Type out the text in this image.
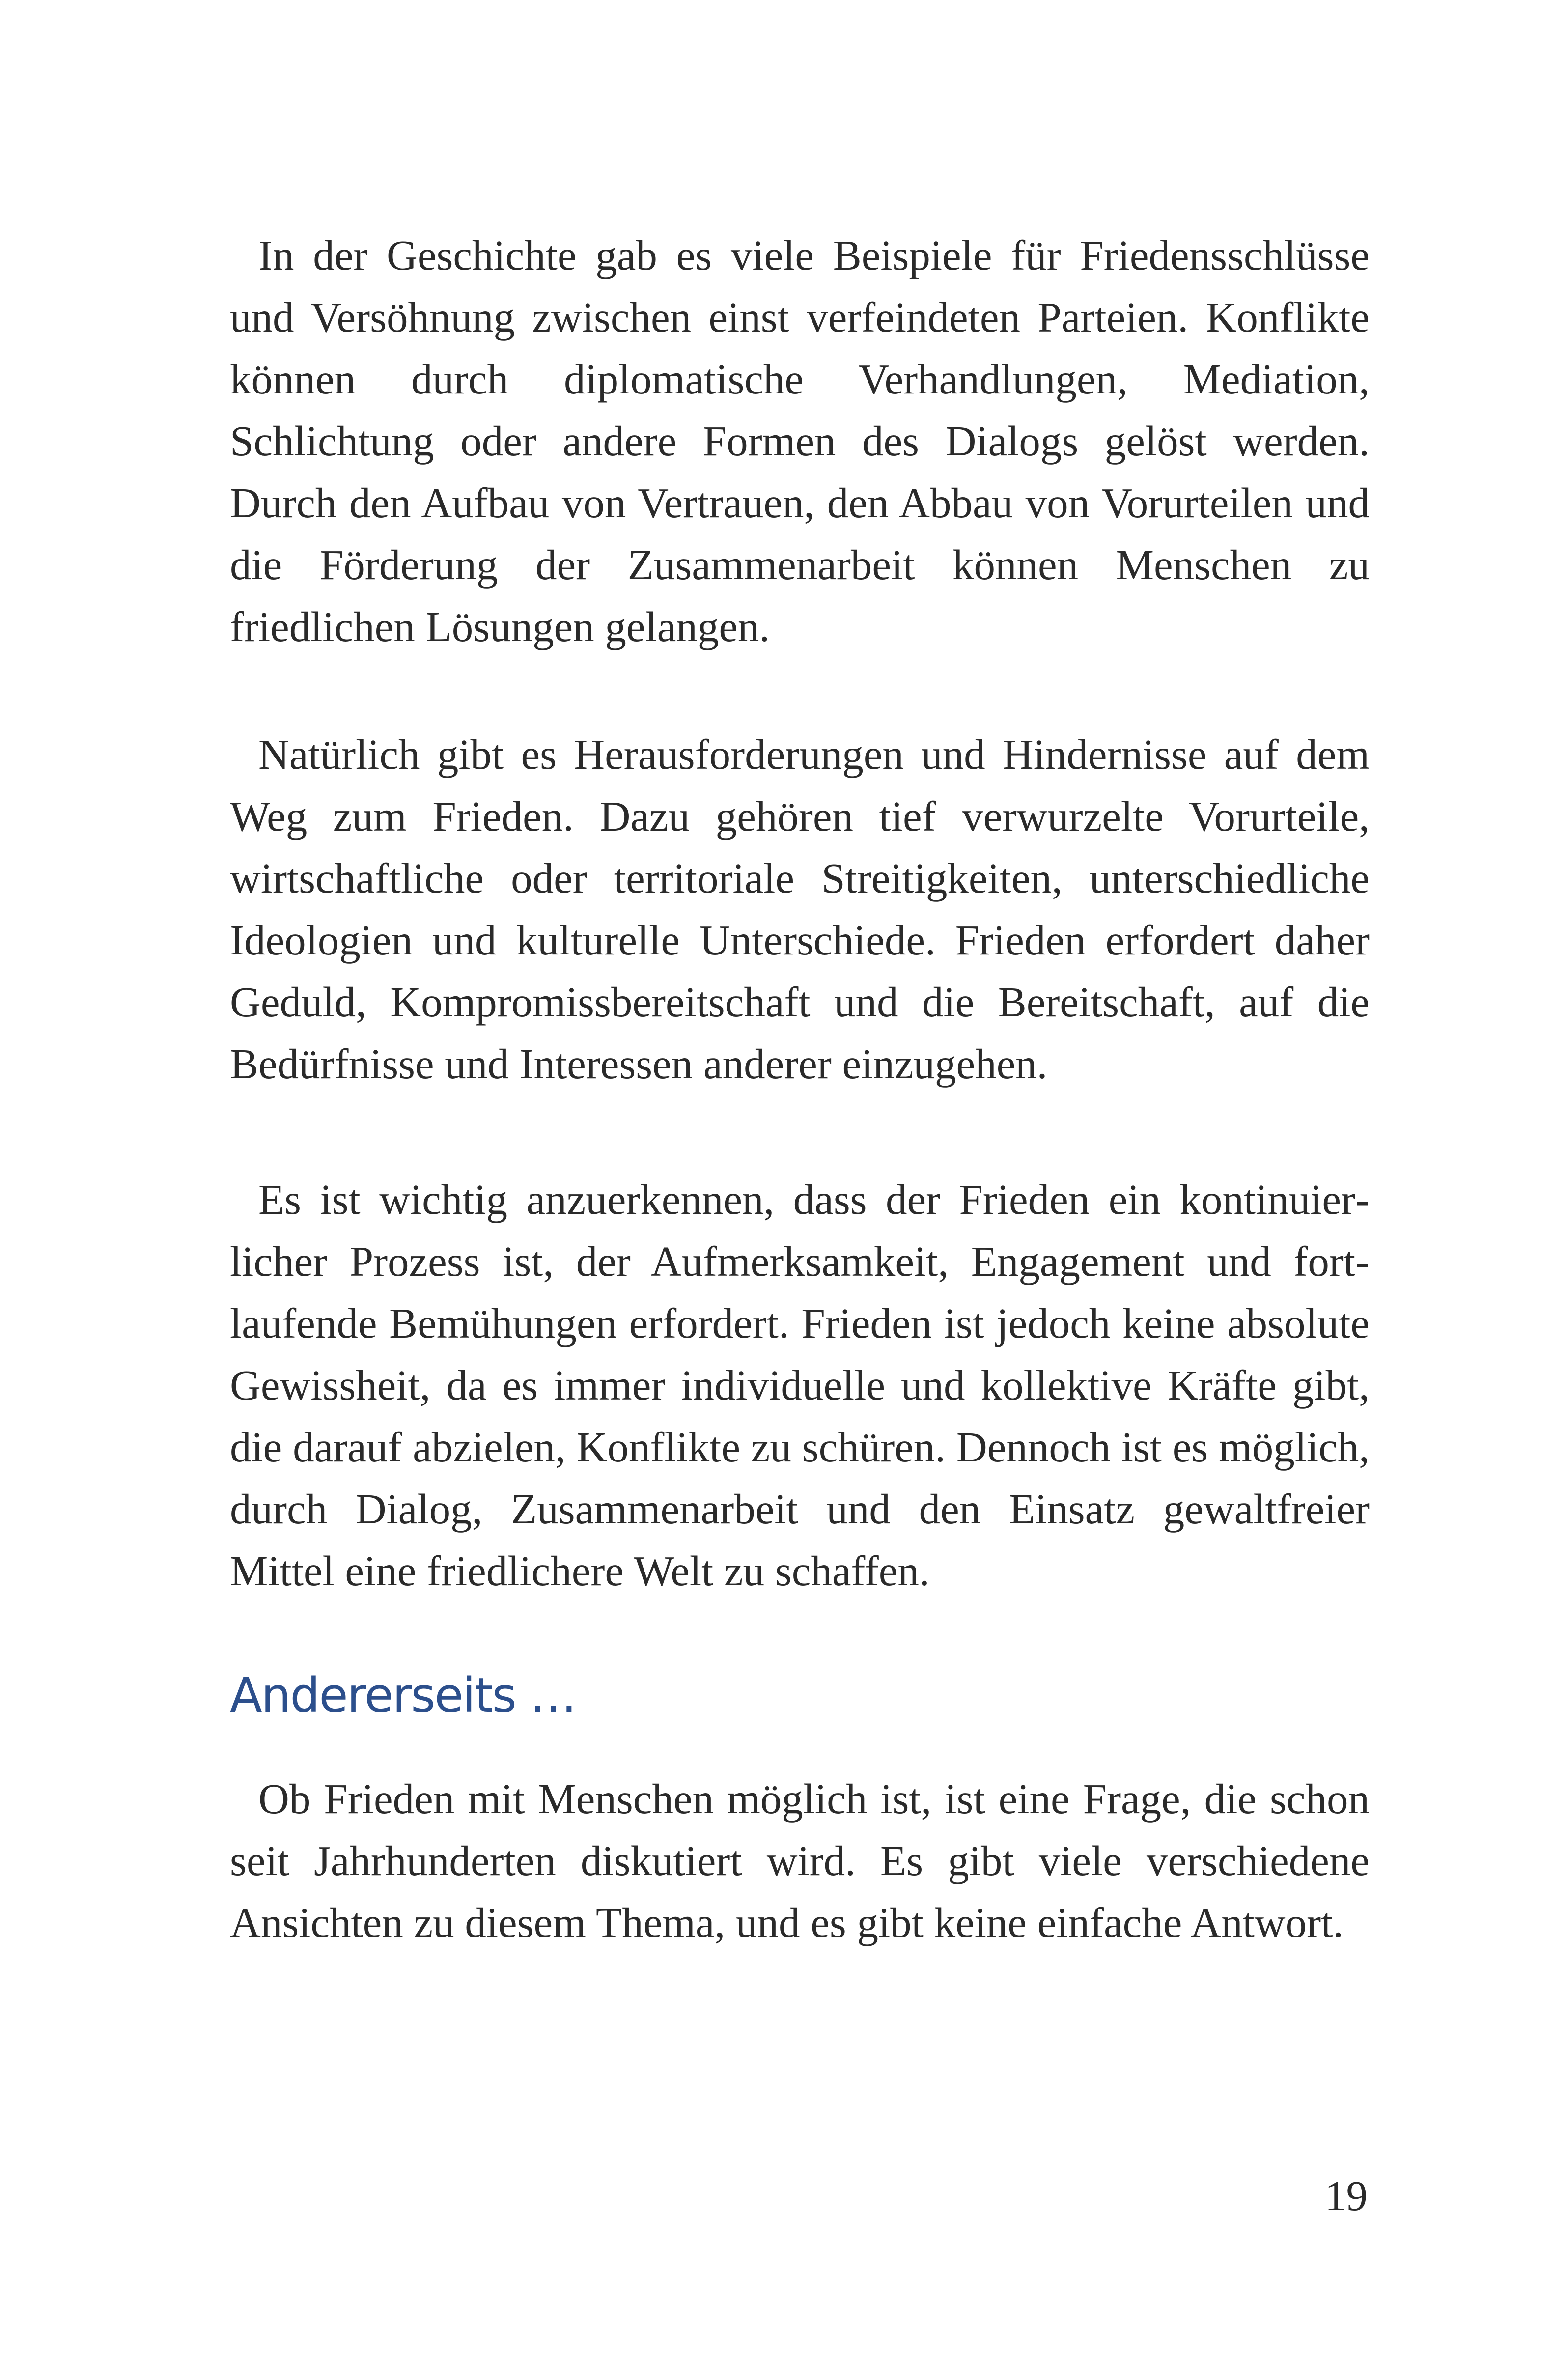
In der Geschichte gab es viele Beispiele für Friedensschlüsse und Versöhnung zwischen einst verfeindeten Parteien. Konflikte können durch diplomatische Verhandlungen, Mediation, Schlichtung oder andere Formen des Dialogs gelöst werden. Durch den Aufbau von Vertrauen, den Abbau von Vorurteilen und die Förderung der Zusammenarbeit können Menschen zu friedlichen Lösungen gelangen.

Natürlich gibt es Herausforderungen und Hindernisse auf dem Weg zum Frieden. Dazu gehören tief verwurzelte Vorurteile, wirtschaftliche oder territoriale Streitigkeiten, unterschiedliche Ideologien und kulturelle Unterschiede. Frieden erfordert daher Geduld, Kompromissbereitschaft und die Bereitschaft, auf die Bedürfnisse und Interessen anderer einzugehen.

Es ist wichtig anzuerkennen, dass der Frieden ein kontinuierlicher Prozess ist, der Aufmerksamkeit, Engagement und fortlaufende Bemühungen erfordert. Frieden ist jedoch keine absolute Gewissheit, da es immer individuelle und kollektive Kräfte gibt, die darauf abzielen, Konflikte zu schüren. Dennoch ist es möglich, durch Dialog, Zusammenarbeit und den Einsatz gewaltfreier Mittel eine friedlichere Welt zu schaffen.

Andererseits …

Ob Frieden mit Menschen möglich ist, ist eine Frage, die schon seit Jahrhunderten diskutiert wird. Es gibt viele verschiedene Ansichten zu diesem Thema, und es gibt keine einfache Antwort.

19
